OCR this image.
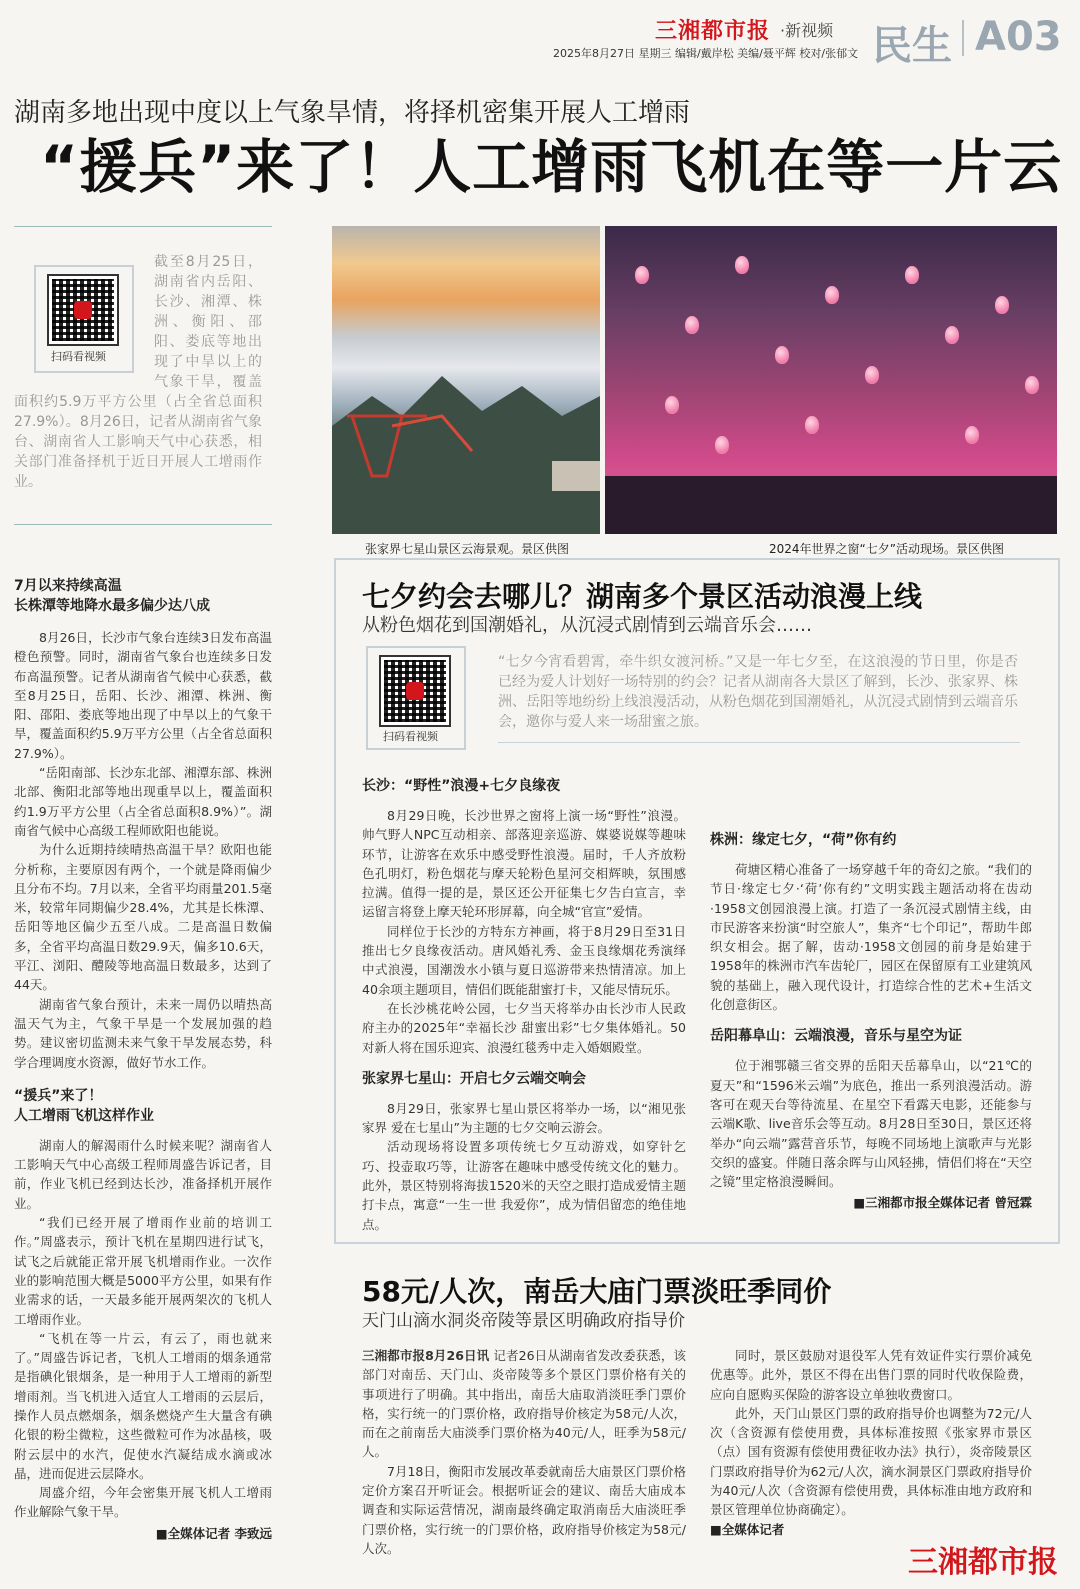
三湘都市报 ·新视频
2025年8月27日 星期三 编辑/戴岸松 美编/聂平辉 校对/张郁文 民生 A03
湖南多地出现中度以上气象旱情，将择机密集开展人工增雨
“援兵”来了！人工增雨飞机在等一片云
扫码看视频
截至8月25日，湖南省内岳阳、长沙、湘潭、株洲、衡阳、邵阳、娄底等地出现了中旱以上的气象干旱，覆盖面积约5.9万平方公里（占全省总面积27.9%）。8月26日，记者从湖南省气象台、湖南省人工影响天气中心获悉，相关部门准备择机于近日开展人工增雨作业。
7月以来持续高温
长株潭等地降水最多偏少达八成

8月26日，长沙市气象台连续3日发布高温橙色预警。同时，湖南省气象台也连续多日发布高温预警。记者从湖南省气候中心获悉，截至8月25日，岳阳、长沙、湘潭、株洲、衡阳、邵阳、娄底等地出现了中旱以上的气象干旱，覆盖面积约5.9万平方公里（占全省总面积27.9%）。

“岳阳南部、长沙东北部、湘潭东部、株洲北部、衡阳北部等地出现重旱以上，覆盖面积约1.9万平方公里（占全省总面积8.9%）”。湖南省气候中心高级工程师欧阳也能说。

为什么近期持续晴热高温干旱？欧阳也能分析称，主要原因有两个，一个就是降雨偏少且分布不均。7月以来，全省平均雨量201.5毫米，较常年同期偏少28.4%，尤其是长株潭、岳阳等地区偏少五至八成。二是高温日数偏多，全省平均高温日数29.9天，偏多10.6天，平江、浏阳、醴陵等地高温日数最多，达到了44天。

湖南省气象台预计，未来一周仍以晴热高温天气为主，气象干旱是一个发展加强的趋势。建议密切监测未来气象干旱发展态势，科学合理调度水资源，做好节水工作。

“援兵”来了！
人工增雨飞机这样作业

湖南人的解渴雨什么时候来呢？湖南省人工影响天气中心高级工程师周盛告诉记者，目前，作业飞机已经到达长沙，准备择机开展作业。

“我们已经开展了增雨作业前的培训工作。”周盛表示，预计飞机在星期四进行试飞，试飞之后就能正常开展飞机增雨作业。一次作业的影响范围大概是5000平方公里，如果有作业需求的话，一天最多能开展两架次的飞机人工增雨作业。

“飞机在等一片云，有云了，雨也就来了。”周盛告诉记者，飞机人工增雨的烟条通常是指碘化银烟条，是一种用于人工增雨的新型增雨剂。当飞机进入适宜人工增雨的云层后，操作人员点燃烟条，烟条燃烧产生大量含有碘化银的粉尘微粒，这些微粒可作为冰晶核，吸附云层中的水汽，促使水汽凝结成水滴或冰晶，进而促进云层降水。

周盛介绍，今年会密集开展飞机人工增雨作业解除气象干旱。

■全媒体记者 李致远
张家界七星山景区云海景观。景区供图	2024年世界之窗“七夕”活动现场。景区供图
七夕约会去哪儿？湖南多个景区活动浪漫上线
从粉色烟花到国潮婚礼，从沉浸式剧情到云端音乐会……
扫码看视频
“七夕今宵看碧霄，牵牛织女渡河桥。”又是一年七夕至，在这浪漫的节日里，你是否已经为爱人计划好一场特别的约会？记者从湖南各大景区了解到，长沙、张家界、株洲、岳阳等地纷纷上线浪漫活动，从粉色烟花到国潮婚礼，从沉浸式剧情到云端音乐会，邀你与爱人来一场甜蜜之旅。
长沙：“野性”浪漫+七夕良缘夜

8月29日晚，长沙世界之窗将上演一场“野性”浪漫。帅气野人NPC互动相亲、部落迎亲巡游、媒婆说媒等趣味环节，让游客在欢乐中感受野性浪漫。届时，千人齐放粉色孔明灯，粉色烟花与摩天轮粉色星河交相辉映，氛围感拉满。值得一提的是，景区还公开征集七夕告白宣言，幸运留言将登上摩天轮环形屏幕，向全城“官宣”爱情。

同样位于长沙的方特东方神画，将于8月29日至31日推出七夕良缘夜活动。唐风婚礼秀、金玉良缘烟花秀演绎中式浪漫，国潮泼水小镇与夏日巡游带来热情清凉。加上40余项主题项目，情侣们既能甜蜜打卡，又能尽情玩乐。

在长沙桃花岭公园，七夕当天将举办由长沙市人民政府主办的2025年“幸福长沙 甜蜜出彩”七夕集体婚礼。50对新人将在国乐迎宾、浪漫红毯秀中走入婚姻殿堂。

张家界七星山：开启七夕云端交响会

8月29日，张家界七星山景区将举办一场，以“湘见张家界 爱在七星山”为主题的七夕交响云游会。

活动现场将设置多项传统七夕互动游戏，如穿针乞巧、投壶取巧等，让游客在趣味中感受传统文化的魅力。此外，景区特别将海拔1520米的天空之眼打造成爱情主题打卡点，寓意“一生一世 我爱你”，成为情侣留恋的绝佳地点。

株洲：缘定七夕，“荷”你有约

荷塘区精心准备了一场穿越千年的奇幻之旅。“我们的节日·缘定七夕·‘荷’你有约”文明实践主题活动将在齿动·1958文创园浪漫上演。打造了一条沉浸式剧情主线，由市民游客来扮演“时空旅人”，集齐“七个印记”，帮助牛郎织女相会。据了解，齿动·1958文创园的前身是始建于1958年的株洲市汽车齿轮厂，园区在保留原有工业建筑风貌的基础上，融入现代设计，打造综合性的艺术+生活文化创意街区。

岳阳幕阜山：云端浪漫，音乐与星空为证

位于湘鄂赣三省交界的岳阳天岳幕阜山，以“21℃的夏天”和“1596米云端”为底色，推出一系列浪漫活动。游客可在观天台等待流星、在星空下看露天电影，还能参与云端K歌、live音乐会等互动。8月28日至30日，景区还将举办“向云端”露营音乐节，每晚不同场地上演歌声与光影交织的盛宴。伴随日落余晖与山风轻拂，情侣们将在“天空之镜”里定格浪漫瞬间。

■三湘都市报全媒体记者 曾冠霖
58元/人次，南岳大庙门票淡旺季同价
天门山滴水洞炎帝陵等景区明确政府指导价

三湘都市报8月26日讯 记者26日从湖南省发改委获悉，该部门对南岳、天门山、炎帝陵等多个景区门票价格有关的事项进行了明确。其中指出，南岳大庙取消淡旺季门票价格，实行统一的门票价格，政府指导价核定为58元/人次，而在之前南岳大庙淡季门票价格为40元/人，旺季为58元/人。

7月18日，衡阳市发展改革委就南岳大庙景区门票价格定价方案召开听证会。根据听证会的建议、南岳大庙成本调查和实际运营情况，湖南最终确定取消南岳大庙淡旺季门票价格，实行统一的门票价格，政府指导价核定为58元/人次。

同时，景区鼓励对退役军人凭有效证件实行票价减免优惠等。此外，景区不得在出售门票的同时代收保险费，应向自愿购买保险的游客设立单独收费窗口。

此外，天门山景区门票的政府指导价也调整为72元/人次（含资源有偿使用费，具体标准按照《张家界市景区（点）国有资源有偿使用费征收办法》执行），炎帝陵景区门票政府指导价为62元/人次，滴水洞景区门票政府指导价为40元/人次（含资源有偿使用费，具体标准由地方政府和景区管理单位协商确定）。

■全媒体记者
三湘都市报
